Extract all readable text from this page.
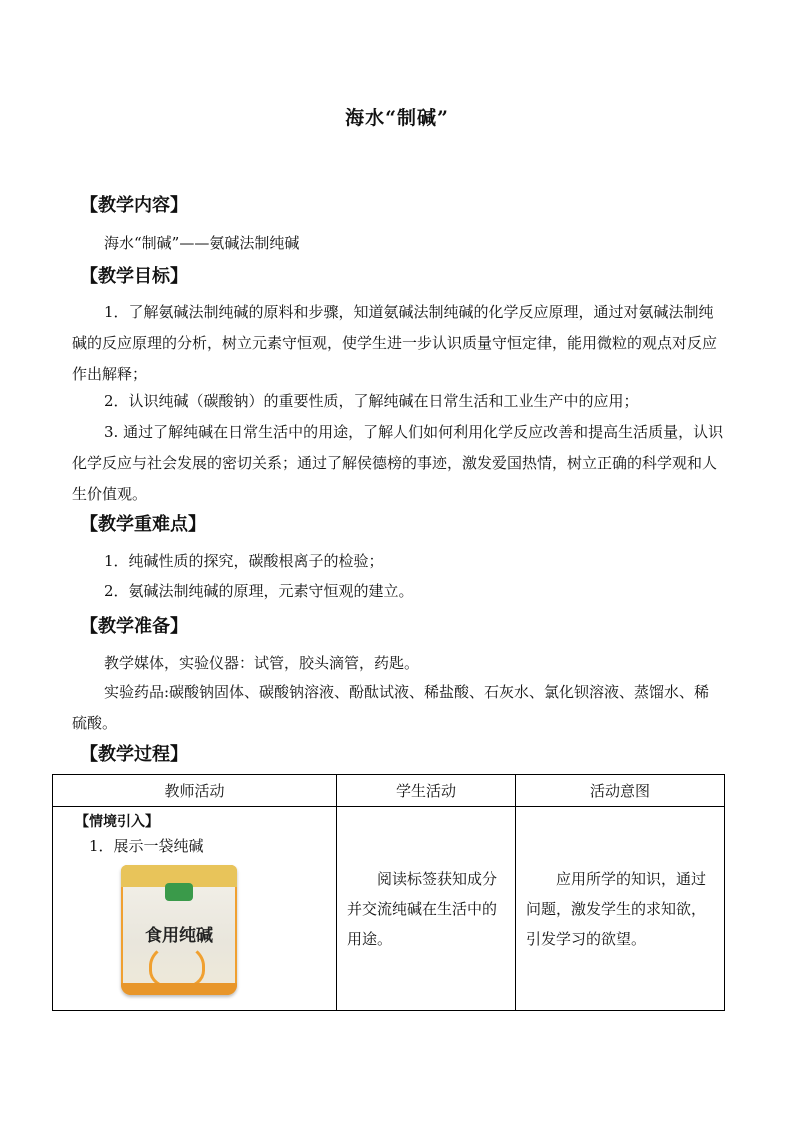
海水“制碱”
【教学内容】
海水“制碱”——氨碱法制纯碱
【教学目标】
1．了解氨碱法制纯碱的原料和步骤，知道氨碱法制纯碱的化学反应原理，通过对氨碱法制纯碱的反应原理的分析，树立元素守恒观，使学生进一步认识质量守恒定律，能用微粒的观点对反应作出解释；
2．认识纯碱（碳酸钠）的重要性质，了解纯碱在日常生活和工业生产中的应用；
3. 通过了解纯碱在日常生活中的用途，了解人们如何利用化学反应改善和提高生活质量，认识化学反应与社会发展的密切关系；通过了解侯德榜的事迹，激发爱国热情，树立正确的科学观和人生价值观。
【教学重难点】
1．纯碱性质的探究，碳酸根离子的检验；
2．氨碱法制纯碱的原理，元素守恒观的建立。
【教学准备】
教学媒体，实验仪器：试管，胶头滴管，药匙。
实验药品:碳酸钠固体、碳酸钠溶液、酚酞试液、稀盐酸、石灰水、氯化钡溶液、蒸馏水、稀硫酸。
【教学过程】
教师活动	学生活动	活动意图

【情境引入】
1．展示一袋纯碱
食用纯碱	阅读标签获知成分并交流纯碱在生活中的用途。	应用所学的知识，通过问题，激发学生的求知欲，引发学习的欲望。
